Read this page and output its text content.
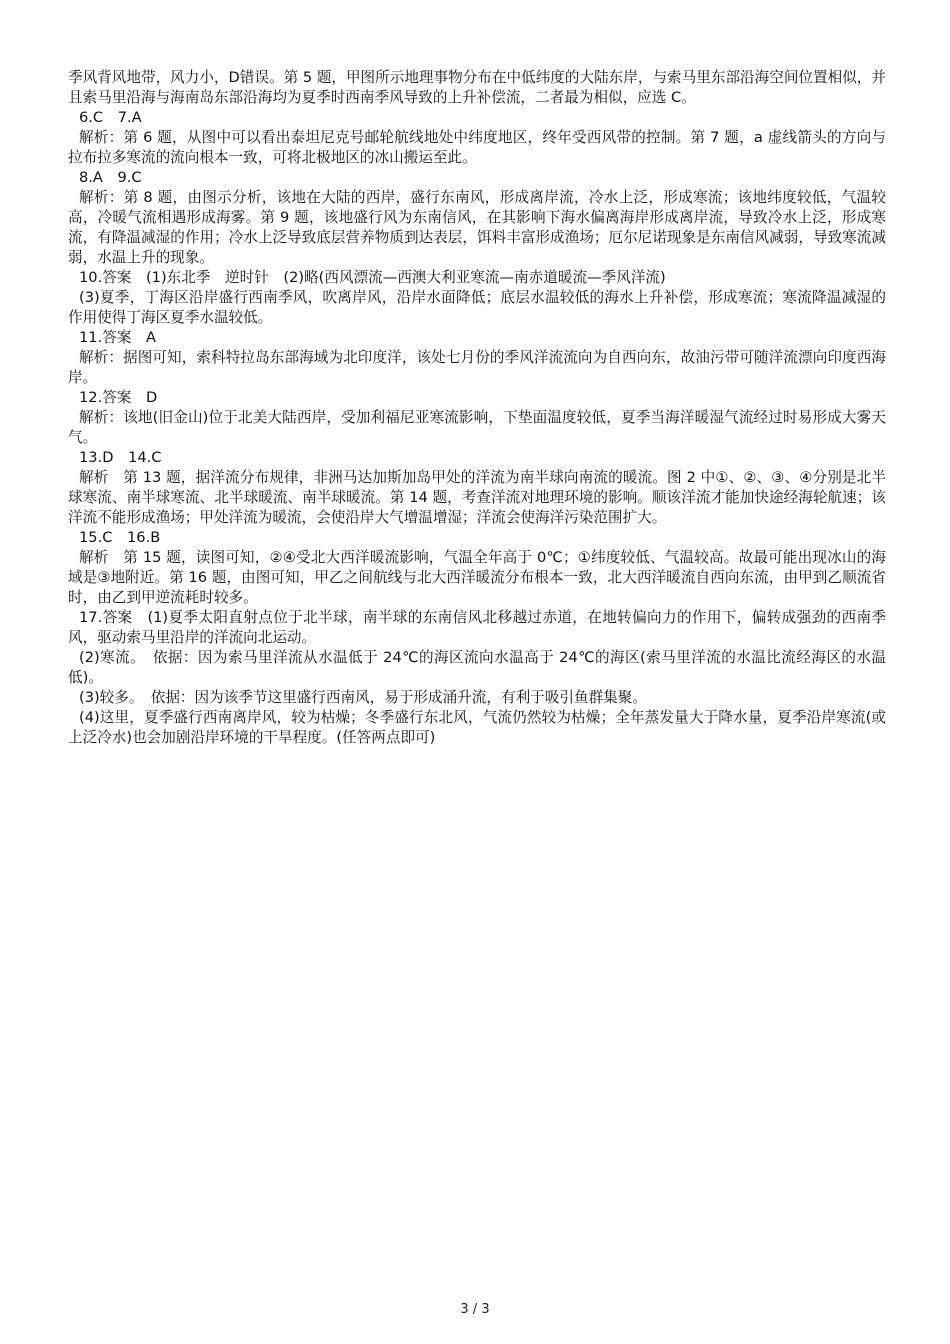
季风背风地带，风力小，D错误。第 5 题，甲图所示地理事物分布在中低纬度的大陆东岸，与索马里东部沿海空间位置相似，并且索马里沿海与海南岛东部沿海均为夏季时西南季风导致的上升补偿流，二者最为相似，应选 C。

6.C　7.A

解析：第 6 题，从图中可以看出泰坦尼克号邮轮航线地处中纬度地区，终年受西风带的控制。第 7 题，a 虚线箭头的方向与拉布拉多寒流的流向根本一致，可将北极地区的冰山搬运至此。

8.A　9.C

解析：第 8 题，由图示分析，该地在大陆的西岸，盛行东南风，形成离岸流，冷水上泛，形成寒流；该地纬度较低，气温较高，冷暖气流相遇形成海雾。第 9 题，该地盛行风为东南信风，在其影响下海水偏离海岸形成离岸流，导致冷水上泛，形成寒流，有降温减湿的作用；冷水上泛导致底层营养物质到达表层，饵料丰富形成渔场；厄尔尼诺现象是东南信风减弱，导致寒流减弱，水温上升的现象。

10.答案　(1)东北季　逆时针　(2)略(西风漂流—西澳大利亚寒流—南赤道暖流—季风洋流)

(3)夏季，丁海区沿岸盛行西南季风，吹离岸风，沿岸水面降低；底层水温较低的海水上升补偿，形成寒流；寒流降温减湿的作用使得丁海区夏季水温较低。

11.答案　A

解析：据图可知，索科特拉岛东部海域为北印度洋，该处七月份的季风洋流流向为自西向东，故油污带可随洋流漂向印度西海岸。

12.答案　D

解析：该地(旧金山)位于北美大陆西岸，受加利福尼亚寒流影响，下垫面温度较低，夏季当海洋暖湿气流经过时易形成大雾天气。

13.D　14.C

解析　第 13 题，据洋流分布规律，非洲马达加斯加岛甲处的洋流为南半球向南流的暖流。图 2 中①、②、③、④分别是北半球寒流、南半球寒流、北半球暖流、南半球暖流。第 14 题，考查洋流对地理环境的影响。顺该洋流才能加快途经海轮航速；该洋流不能形成渔场；甲处洋流为暖流，会使沿岸大气增温增湿；洋流会使海洋污染范围扩大。

15.C　16.B

解析　第 15 题，读图可知，②④受北大西洋暖流影响，气温全年高于 0℃；①纬度较低、气温较高。故最可能出现冰山的海域是③地附近。第 16 题，由图可知，甲乙之间航线与北大西洋暖流分布根本一致，北大西洋暖流自西向东流，由甲到乙顺流省时，由乙到甲逆流耗时较多。

17.答案　(1)夏季太阳直射点位于北半球，南半球的东南信风北移越过赤道，在地转偏向力的作用下，偏转成强劲的西南季风，驱动索马里沿岸的洋流向北运动。

(2)寒流。　依据：因为索马里洋流从水温低于 24℃的海区流向水温高于 24℃的海区(索马里洋流的水温比流经海区的水温低)。

(3)较多。　依据：因为该季节这里盛行西南风，易于形成涌升流，有利于吸引鱼群集聚。

(4)这里，夏季盛行西南离岸风，较为枯燥；冬季盛行东北风，气流仍然较为枯燥；全年蒸发量大于降水量，夏季沿岸寒流(或上泛冷水)也会加剧沿岸环境的干旱程度。(任答两点即可)

3 / 3
